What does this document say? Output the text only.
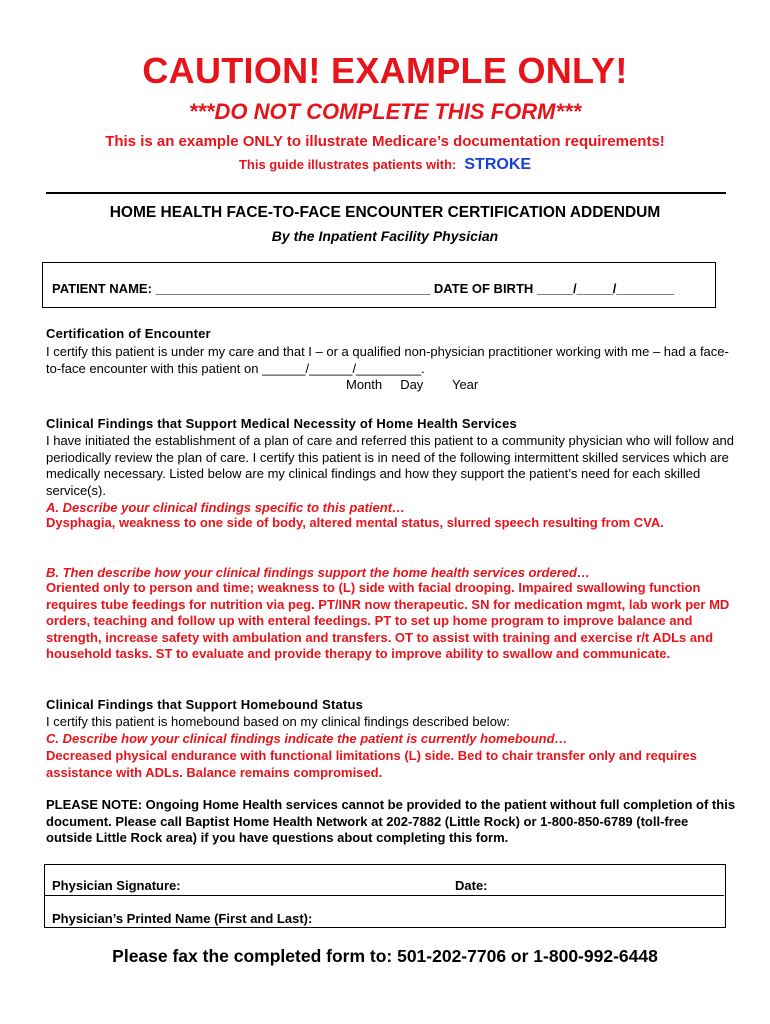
CAUTION! EXAMPLE ONLY!
***DO NOT COMPLETE THIS FORM***
This is an example ONLY to illustrate Medicare’s documentation requirements!
This guide illustrates patients with: STROKE
HOME HEALTH FACE-TO-FACE ENCOUNTER CERTIFICATION ADDENDUM
By the Inpatient Facility Physician
PATIENT NAME: ______________________________________ DATE OF BIRTH _____/_____/________
Certification of Encounter
I certify this patient is under my care and that I – or a qualified non-physician practitioner working with me – had a face-to-face encounter with this patient on ______/______/_________.
Month     Day        Year
Clinical Findings that Support Medical Necessity of Home Health Services
I have initiated the establishment of a plan of care and referred this patient to a community physician who will follow and periodically review the plan of care. I certify this patient is in need of the following intermittent skilled services which are medically necessary. Listed below are my clinical findings and how they support the patient’s need for each skilled service(s).
A. Describe your clinical findings specific to this patient…
Dysphagia, weakness to one side of body, altered mental status, slurred speech resulting from CVA.
B. Then describe how your clinical findings support the home health services ordered…
Oriented only to person and time; weakness to (L) side with facial drooping. Impaired swallowing function requires tube feedings for nutrition via peg. PT/INR now therapeutic. SN for medication mgmt, lab work per MD orders, teaching and follow up with enteral feedings. PT to set up home program to improve balance and strength, increase safety with ambulation and transfers. OT to assist with training and exercise r/t ADLs and household tasks. ST to evaluate and provide therapy to improve ability to swallow and communicate.
Clinical Findings that Support Homebound Status
I certify this patient is homebound based on my clinical findings described below:
C. Describe how your clinical findings indicate the patient is currently homebound…
Decreased physical endurance with functional limitations (L) side. Bed to chair transfer only and requires assistance with ADLs. Balance remains compromised.
PLEASE NOTE: Ongoing Home Health services cannot be provided to the patient without full completion of this document. Please call Baptist Home Health Network at 202-7882 (Little Rock) or 1-800-850-6789 (toll-free outside Little Rock area) if you have questions about completing this form.
Physician Signature:	Date:
Physician’s Printed Name (First and Last):
Please fax the completed form to: 501-202-7706 or 1-800-992-6448
